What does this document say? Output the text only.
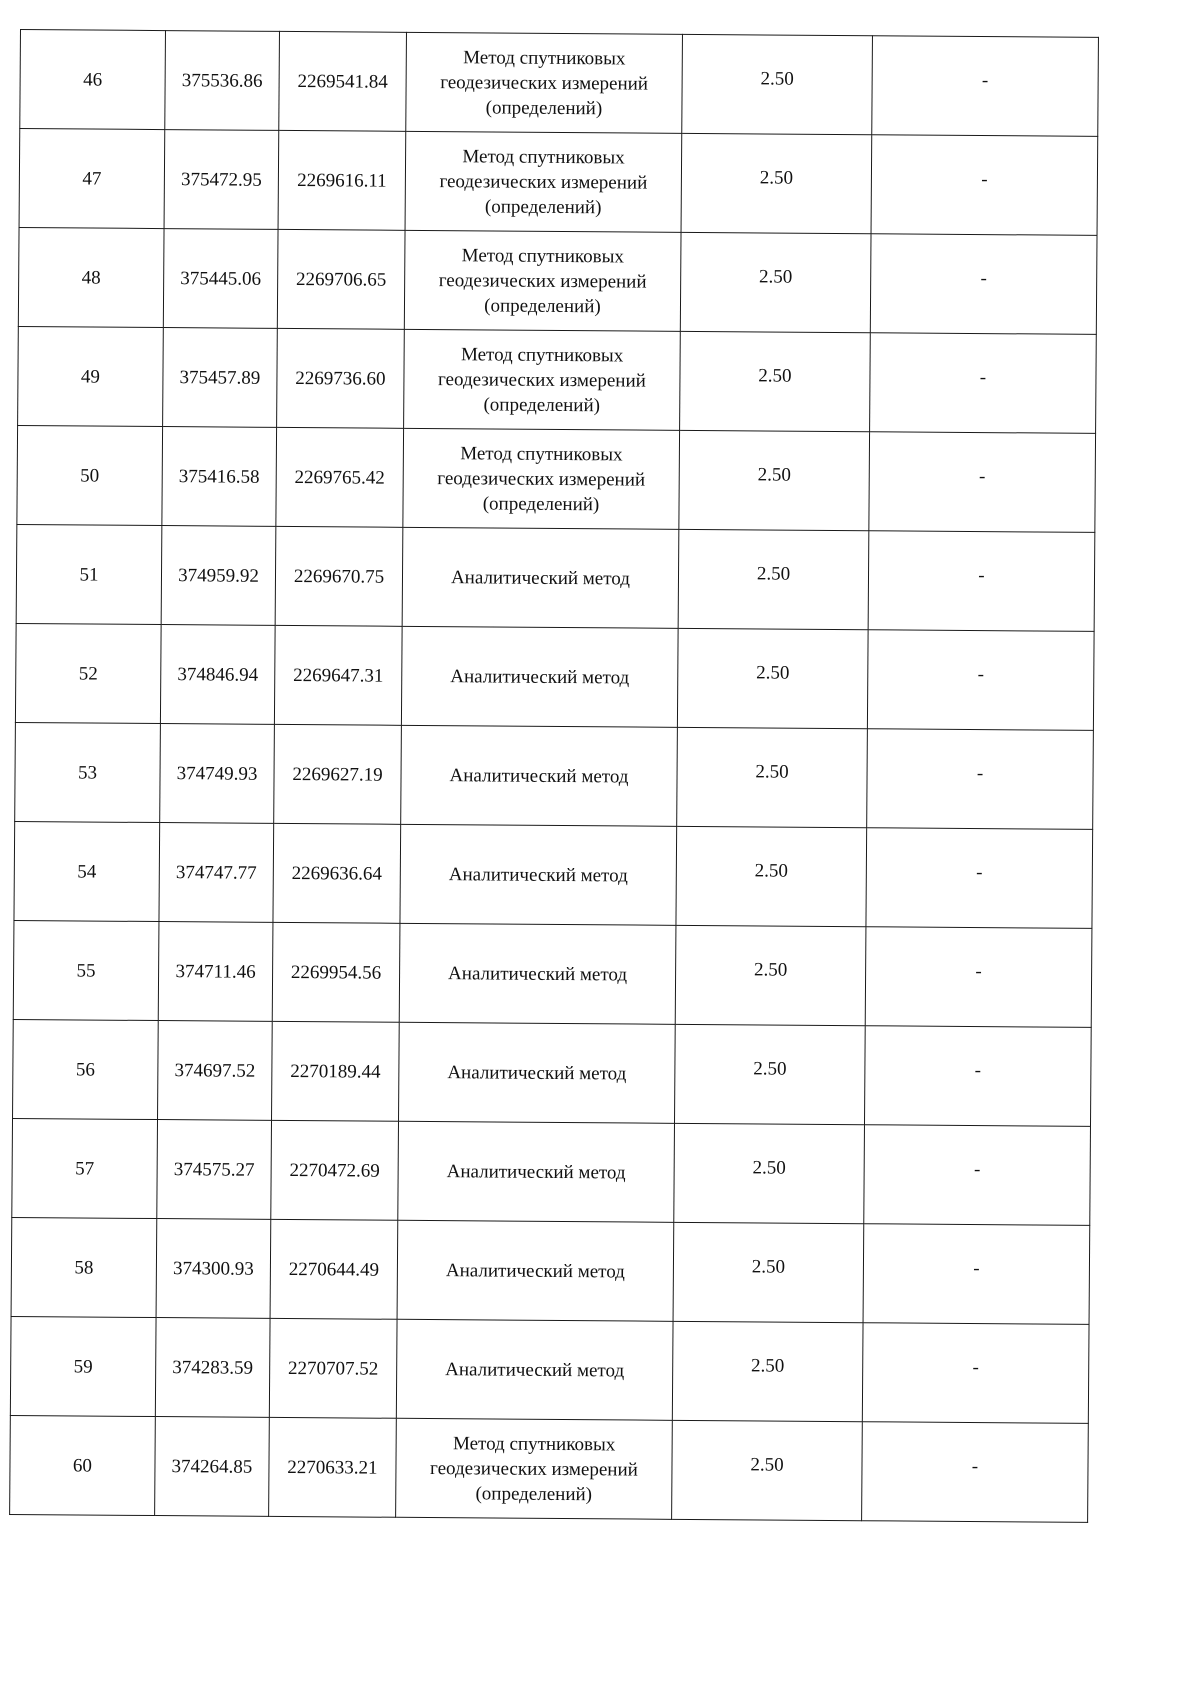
46	375536.86	2269541.84	Метод спутниковых
геодезических измерений
(определений)	2.50	-
47	375472.95	2269616.11	Метод спутниковых
геодезических измерений
(определений)	2.50	-
48	375445.06	2269706.65	Метод спутниковых
геодезических измерений
(определений)	2.50	-
49	375457.89	2269736.60	Метод спутниковых
геодезических измерений
(определений)	2.50	-
50	375416.58	2269765.42	Метод спутниковых
геодезических измерений
(определений)	2.50	-
51	374959.92	2269670.75	Аналитический метод	2.50	-
52	374846.94	2269647.31	Аналитический метод	2.50	-
53	374749.93	2269627.19	Аналитический метод	2.50	-
54	374747.77	2269636.64	Аналитический метод	2.50	-
55	374711.46	2269954.56	Аналитический метод	2.50	-
56	374697.52	2270189.44	Аналитический метод	2.50	-
57	374575.27	2270472.69	Аналитический метод	2.50	-
58	374300.93	2270644.49	Аналитический метод	2.50	-
59	374283.59	2270707.52	Аналитический метод	2.50	-
60	374264.85	2270633.21	Метод спутниковых
геодезических измерений
(определений)	2.50	-
